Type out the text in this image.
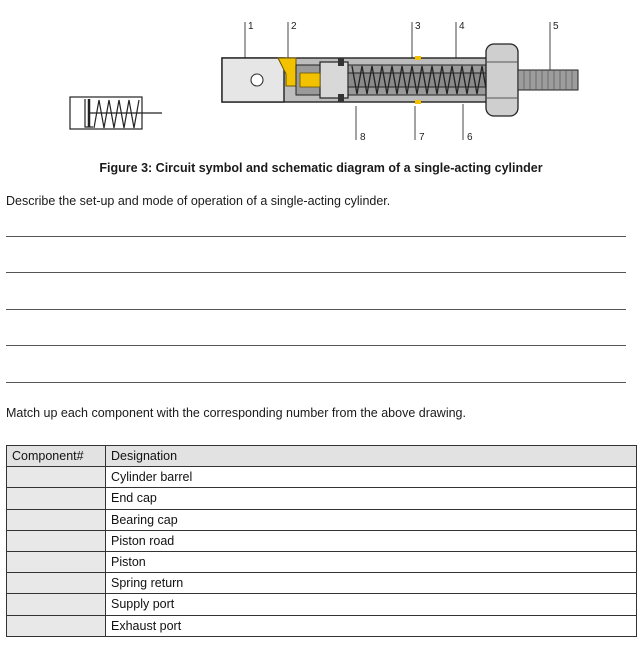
1	2	3	4	5
8	7	6
Figure 3: Circuit symbol and schematic diagram of a single-acting cylinder
Describe the set-up and mode of operation of a single-acting cylinder.
Match up each component with the corresponding number from the above drawing.
Component#	Designation
	Cylinder barrel
	End cap
	Bearing cap
	Piston road
	Piston
	Spring return
	Supply port
	Exhaust port
